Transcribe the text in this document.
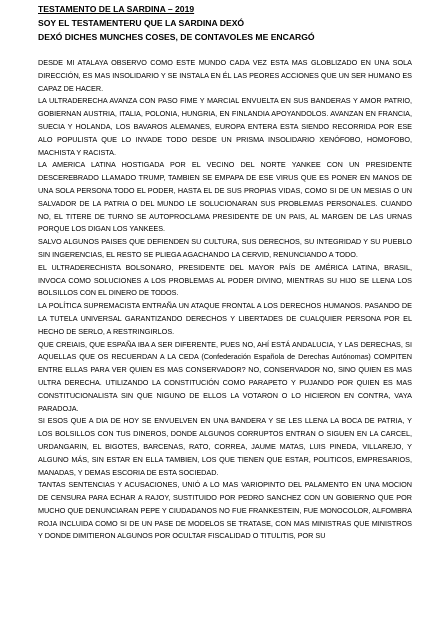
TESTAMENTO DE LA SARDINA – 2019
SOY EL TESTAMENTERU QUE LA SARDINA DEXÓ
DEXÓ DICHES MUNCHES COSES, DE CONTAVOLES ME ENCARGÓ

DESDE MI ATALAYA OBSERVO COMO ESTE MUNDO CADA VEZ ESTA MAS GLOBLIZADO EN UNA SOLA DIRECCIÓN, ES MAS INSOLIDARIO Y SE INSTALA EN ÉL LAS PEORES ACCIONES QUE UN SER HUMANO ES CAPAZ DE HACER.

LA ULTRADERECHA AVANZA CON PASO FIME Y MARCIAL ENVUELTA EN SUS BANDERAS Y AMOR PATRIO, GOBIERNAN AUSTRIA, ITALIA, POLONIA, HUNGRIA, EN FINLANDIA APOYANDOLOS. AVANZAN EN FRANCIA, SUECIA Y HOLANDA, LOS BAVAROS ALEMANES, EUROPA ENTERA ESTA SIENDO RECORRIDA POR ESE ALO POPULISTA QUE LO INVADE TODO DESDE UN PRISMA INSOLIDARIO XENÓFOBO, HOMOFOBO, MACHISTA Y RACISTA.

LA AMERICA LATINA HOSTIGADA POR EL VECINO DEL NORTE YANKEE CON UN PRESIDENTE DESCEREBRADO LLAMADO TRUMP, TAMBIEN SE EMPAPA DE ESE VIRUS QUE ES PONER EN MANOS DE UNA SOLA PERSONA TODO EL PODER, HASTA EL DE SUS PROPIAS VIDAS, COMO SI DE UN MESIAS O UN SALVADOR DE LA PATRIA O DEL MUNDO LE SOLUCIONARAN SUS PROBLEMAS PERSONALES. CUANDO NO, EL TITERE DE TURNO SE AUTOPROCLAMA PRESIDENTE DE UN PAIS, AL MARGEN DE LAS URNAS PORQUE LOS DIGAN LOS YANKEES.

SALVO ALGUNOS PAISES QUE DEFIENDEN SU CULTURA, SUS DERECHOS, SU INTEGRIDAD Y SU PUEBLO SIN INGERENCIAS, EL RESTO SE PLIEGA AGACHANDO LA CERVID, RENUNCIANDO A TODO.

EL ULTRADERECHISTA BOLSONARO, PRESIDENTE DEL MAYOR PAÍS DE AMÉRICA LATINA, BRASIL, INVOCA COMO SOLUCIONES A LOS PROBLEMAS AL PODER DIVINO, MIENTRAS SU HIJO SE LLENA LOS BOLSILLOS CON EL DINERO DE TODOS.

LA POLÍTICA SUPREMACISTA ENTRAÑA UN ATAQUE FRONTAL A LOS DERECHOS HUMANOS. PASANDO DE LA TUTELA UNIVERSAL GARANTIZANDO DERECHOS Y LIBERTADES DE CUALQUIER PERSONA POR EL HECHO DE SERLO, A RESTRINGIRLOS.

QUE CREIAIS, QUE ESPAÑA IBA A SER DIFERENTE, PUES NO, AHÍ ESTÁ ANDALUCIA, Y LAS DERECHAS, SI AQUELLAS QUE OS RECUERDAN A LA CEDA (Confederación Española de Derechas Autónomas) COMPITEN ENTRE ELLAS PARA VER QUIEN ES MAS CONSERVADOR? NO, CONSERVADOR NO, SINO QUIEN ES MAS ULTRA DERECHA. UTILIZANDO LA CONSTITUCIÓN COMO PARAPETO Y PUJANDO POR QUIEN ES MAS CONSTITUCIONALISTA SIN QUE NIGUNO DE ELLOS LA VOTARON O LO HICIERON EN CONTRA, VAYA PARADOJA.

SI ESOS QUE A DIA DE HOY SE ENVUELVEN EN UNA BANDERA Y SE LES LLENA LA BOCA DE PATRIA, Y LOS BOLSILLOS CON TUS DINEROS, DONDE ALGUNOS CORRUPTOS ENTRAN O SIGUEN EN LA CARCEL, URDANGARIN, EL BIGOTES, BARCENAS, RATO, CORREA, JAUME MATAS, LUIS PINEDA, VILLAREJO, Y ALGUNO MÁS, SIN ESTAR EN ELLA TAMBIEN, LOS QUE TIENEN QUE ESTAR, POLITICOS, EMPRESARIOS, MANADAS, Y DEMAS ESCORIA DE ESTA SOCIEDAD.

TANTAS SENTENCIAS Y ACUSACIONES, UNIÓ A LO MAS VARIOPINTO DEL PALAMENTO EN UNA MOCION DE CENSURA PARA ECHAR A RAJOY, SUSTITUIDO POR PEDRO SANCHEZ CON UN GOBIERNO QUE POR MUCHO QUE DENUNCIARAN PEPE Y CIUDADANOS NO FUE FRANKESTEIN, FUE MONOCOLOR, ALFOMBRA ROJA INCLUIDA COMO SI DE UN PASE DE MODELOS SE TRATASE, CON MAS MINISTRAS QUE MINISTROS Y DONDE DIMITIERON ALGUNOS POR OCULTAR FISCALIDAD O TITULITIS, POR SU
